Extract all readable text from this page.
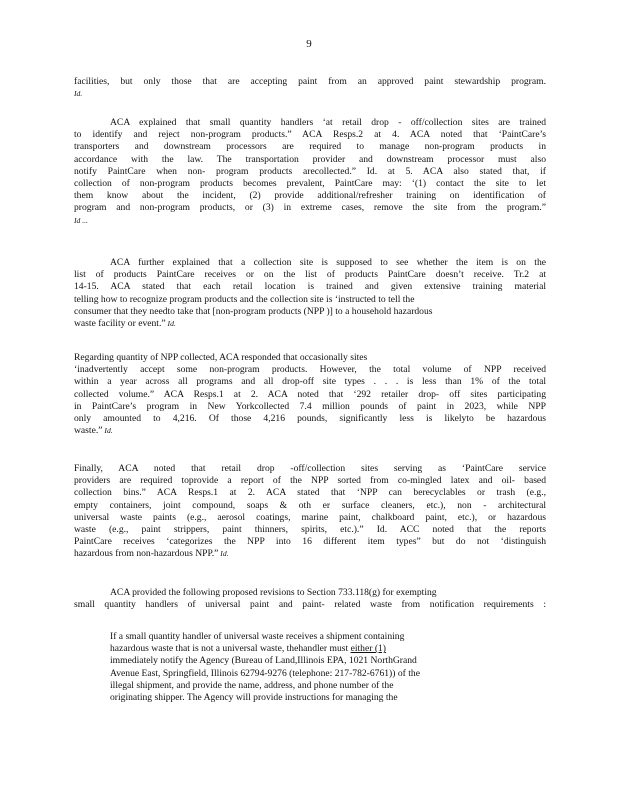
9
facilities, but only those that are accepting paint from an approved paint stewardship program.
Id.
ACA explained that small quantity handlers ‘at retail drop - off/collection sites are trained
to identify and reject non-program products.” ACA Resps.2 at 4. ACA noted that ‘PaintCare’s
transporters and downstream processors are required to manage non-program products in
accordance with the law. The transportation provider and downstream processor must also
notify PaintCare when non- program products arecollected.” Id. at 5. ACA also stated that, if
collection of non-program products becomes prevalent, PaintCare may: ‘(1) contact the site to let
them know about the incident, (2) provide additional/refresher training on identification of
program and non-program products, or (3) in extreme cases, remove the site from the program.”
Id ...
ACA further explained that a collection site is supposed to see whether the item is on the
list of products PaintCare receives or on the list of products PaintCare doesn’t receive. Tr.2 at
14-15. ACA stated that each retail location is trained and given extensive training material
telling how to recognize program products and the collection site is ‘instructed to tell the
consumer that they needto take that [non-program products (NPP )] to a household hazardous
waste facility or event.” Id.
Regarding quantity of NPP collected, ACA responded that occasionally sites
‘inadvertently accept some non-program products. However, the total volume of NPP received
within a year across all programs and all drop-off site types . . . is less than 1% of the total
collected volume.” ACA Resps.1 at 2. ACA noted that ‘292 retailer drop- off sites participating
in PaintCare’s program in New Yorkcollected 7.4 million pounds of paint in 2023, while NPP
only amounted to 4,216. Of those 4,216 pounds, significantly less is likelyto be hazardous
waste.” Id.
Finally, ACA noted that retail drop -off/collection sites serving as ‘PaintCare service
providers are required toprovide a report of the NPP sorted from co-mingled latex and oil- based
collection bins.” ACA Resps.1 at 2. ACA stated that ‘NPP can berecyclables or trash (e.g.,
empty containers, joint compound, soaps & oth er surface cleaners, etc.), non - architectural
universal waste paints (e.g., aerosol coatings, marine paint, chalkboard paint, etc.), or hazardous
waste (e.g., paint strippers, paint thinners, spirits, etc.).” Id. ACC noted that the reports
PaintCare receives ‘categorizes the NPP into 16 different item types” but do not ‘distinguish
hazardous from non-hazardous NPP.” Id.
ACA provided the following proposed revisions to Section 733.118(g) for exempting
small quantity handlers of universal paint and paint- related waste from notification requirements :
If a small quantity handler of universal waste receives a shipment containing
hazardous waste that is not a universal waste, thehandler must either (1)
immediately notify the Agency (Bureau of Land,Illinois EPA, 1021 NorthGrand
Avenue East, Springfield, Illinois 62794-9276 (telephone: 217-782-6761)) of the
illegal shipment, and provide the name, address, and phone number of the
originating shipper. The Agency will provide instructions for managing the
